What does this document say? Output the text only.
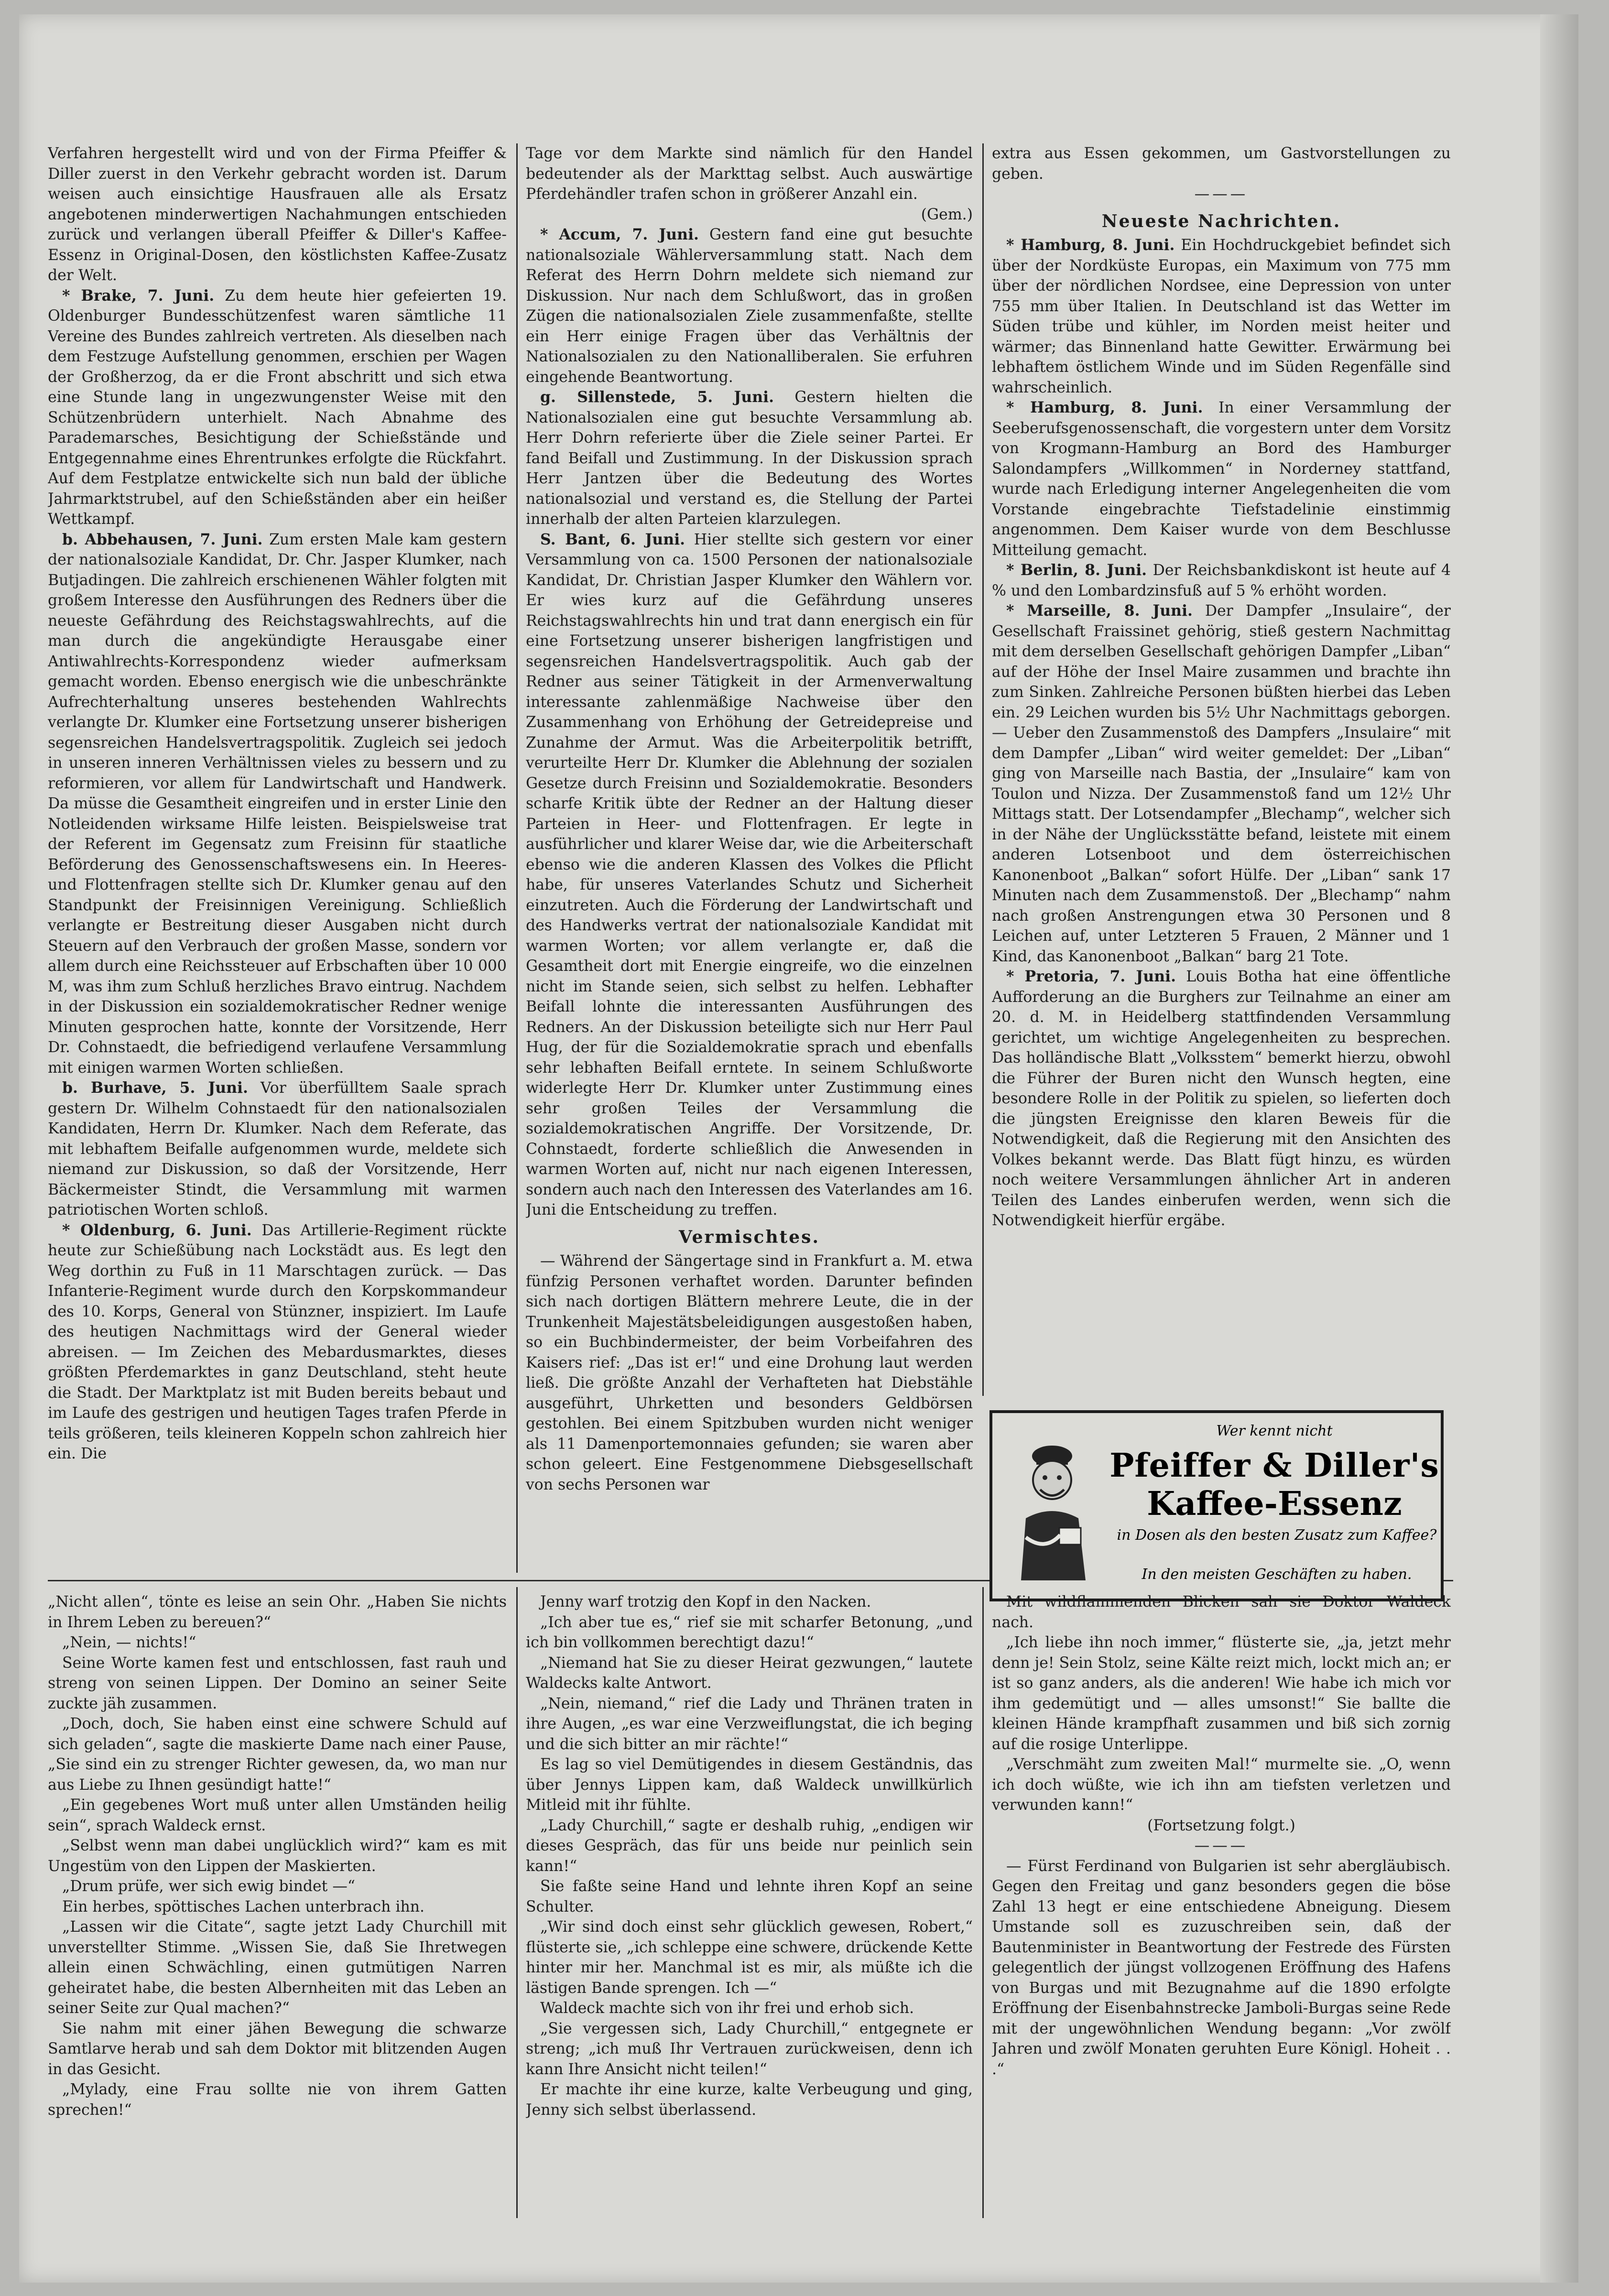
Verfahren hergestellt wird und von der Firma Pfeiffer & Diller zuerst in den Verkehr gebracht worden ist. Darum weisen auch einsichtige Hausfrauen alle als Ersatz angebotenen minderwertigen Nachahmungen entschieden zurück und verlangen überall Pfeiffer & Diller's Kaffee-Essenz in Original-Dosen, den köstlichsten Kaffee-Zusatz der Welt.

* Brake, 7. Juni. Zu dem heute hier gefeierten 19. Oldenburger Bundesschützenfest waren sämtliche 11 Vereine des Bundes zahlreich vertreten. Als dieselben nach dem Festzuge Aufstellung genommen, erschien per Wagen der Großherzog, da er die Front abschritt und sich etwa eine Stunde lang in ungezwungenster Weise mit den Schützenbrüdern unterhielt. Nach Abnahme des Parademarsches, Besichtigung der Schießstände und Entgegennahme eines Ehrentrunkes erfolgte die Rückfahrt. Auf dem Festplatze entwickelte sich nun bald der übliche Jahrmarktstrubel, auf den Schießständen aber ein heißer Wettkampf.

b. Abbehausen, 7. Juni. Zum ersten Male kam gestern der nationalsoziale Kandidat, Dr. Chr. Jasper Klumker, nach Butjadingen. Die zahlreich erschienenen Wähler folgten mit großem Interesse den Ausführungen des Redners über die neueste Gefährdung des Reichstagswahlrechts, auf die man durch die angekündigte Herausgabe einer Antiwahlrechts-Korrespondenz wieder aufmerksam gemacht worden. Ebenso energisch wie die unbeschränkte Aufrechterhaltung unseres bestehenden Wahlrechts verlangte Dr. Klumker eine Fortsetzung unserer bisherigen segensreichen Handelsvertragspolitik. Zugleich sei jedoch in unseren inneren Verhältnissen vieles zu bessern und zu reformieren, vor allem für Landwirtschaft und Handwerk. Da müsse die Gesamtheit eingreifen und in erster Linie den Notleidenden wirksame Hilfe leisten. Beispielsweise trat der Referent im Gegensatz zum Freisinn für staatliche Beförderung des Genossenschaftswesens ein. In Heeres- und Flottenfragen stellte sich Dr. Klumker genau auf den Standpunkt der Freisinnigen Vereinigung. Schließlich verlangte er Bestreitung dieser Ausgaben nicht durch Steuern auf den Verbrauch der großen Masse, sondern vor allem durch eine Reichssteuer auf Erbschaften über 10 000 M, was ihm zum Schluß herzliches Bravo eintrug. Nachdem in der Diskussion ein sozialdemokratischer Redner wenige Minuten gesprochen hatte, konnte der Vorsitzende, Herr Dr. Cohnstaedt, die befriedigend verlaufene Versammlung mit einigen warmen Worten schließen.

b. Burhave, 5. Juni. Vor überfülltem Saale sprach gestern Dr. Wilhelm Cohnstaedt für den nationalsozialen Kandidaten, Herrn Dr. Klumker. Nach dem Referate, das mit lebhaftem Beifalle aufgenommen wurde, meldete sich niemand zur Diskussion, so daß der Vorsitzende, Herr Bäckermeister Stindt, die Versammlung mit warmen patriotischen Worten schloß.

* Oldenburg, 6. Juni. Das Artillerie-Regiment rückte heute zur Schießübung nach Lockstädt aus. Es legt den Weg dorthin zu Fuß in 11 Marschtagen zurück. — Das Infanterie-Regiment wurde durch den Korpskommandeur des 10. Korps, General von Stünzner, inspiziert. Im Laufe des heutigen Nachmittags wird der General wieder abreisen. — Im Zeichen des Mebardusmarktes, dieses größten Pferdemarktes in ganz Deutschland, steht heute die Stadt. Der Marktplatz ist mit Buden bereits bebaut und im Laufe des gestrigen und heutigen Tages trafen Pferde in teils größeren, teils kleineren Koppeln schon zahlreich hier ein. Die

Tage vor dem Markte sind nämlich für den Handel bedeutender als der Markttag selbst. Auch auswärtige Pferdehändler trafen schon in größerer Anzahl ein.

(Gem.)

* Accum, 7. Juni. Gestern fand eine gut besuchte nationalsoziale Wählerversammlung statt. Nach dem Referat des Herrn Dohrn meldete sich niemand zur Diskussion. Nur nach dem Schlußwort, das in großen Zügen die nationalsozialen Ziele zusammenfaßte, stellte ein Herr einige Fragen über das Verhältnis der Nationalsozialen zu den Nationalliberalen. Sie erfuhren eingehende Beantwortung.

g. Sillenstede, 5. Juni. Gestern hielten die Nationalsozialen eine gut besuchte Versammlung ab. Herr Dohrn referierte über die Ziele seiner Partei. Er fand Beifall und Zustimmung. In der Diskussion sprach Herr Jantzen über die Bedeutung des Wortes nationalsozial und verstand es, die Stellung der Partei innerhalb der alten Parteien klarzulegen.

S. Bant, 6. Juni. Hier stellte sich gestern vor einer Versammlung von ca. 1500 Personen der nationalsoziale Kandidat, Dr. Christian Jasper Klumker den Wählern vor. Er wies kurz auf die Gefährdung unseres Reichstagswahlrechts hin und trat dann energisch ein für eine Fortsetzung unserer bisherigen langfristigen und segensreichen Handelsvertragspolitik. Auch gab der Redner aus seiner Tätigkeit in der Armenverwaltung interessante zahlenmäßige Nachweise über den Zusammenhang von Erhöhung der Getreidepreise und Zunahme der Armut. Was die Arbeiterpolitik betrifft, verurteilte Herr Dr. Klumker die Ablehnung der sozialen Gesetze durch Freisinn und Sozialdemokratie. Besonders scharfe Kritik übte der Redner an der Haltung dieser Parteien in Heer- und Flottenfragen. Er legte in ausführlicher und klarer Weise dar, wie die Arbeiterschaft ebenso wie die anderen Klassen des Volkes die Pflicht habe, für unseres Vaterlandes Schutz und Sicherheit einzutreten. Auch die Förderung der Landwirtschaft und des Handwerks vertrat der nationalsoziale Kandidat mit warmen Worten; vor allem verlangte er, daß die Gesamtheit dort mit Energie eingreife, wo die einzelnen nicht im Stande seien, sich selbst zu helfen. Lebhafter Beifall lohnte die interessanten Ausführungen des Redners. An der Diskussion beteiligte sich nur Herr Paul Hug, der für die Sozialdemokratie sprach und ebenfalls sehr lebhaften Beifall erntete. In seinem Schlußworte widerlegte Herr Dr. Klumker unter Zustimmung eines sehr großen Teiles der Versammlung die sozialdemokratischen Angriffe. Der Vorsitzende, Dr. Cohnstaedt, forderte schließlich die Anwesenden in warmen Worten auf, nicht nur nach eigenen Interessen, sondern auch nach den Interessen des Vaterlandes am 16. Juni die Entscheidung zu treffen.

Vermischtes.

— Während der Sängertage sind in Frankfurt a. M. etwa fünfzig Personen verhaftet worden. Darunter befinden sich nach dortigen Blättern mehrere Leute, die in der Trunkenheit Majestätsbeleidigungen ausgestoßen haben, so ein Buchbindermeister, der beim Vorbeifahren des Kaisers rief: „Das ist er!“ und eine Drohung laut werden ließ. Die größte Anzahl der Verhafteten hat Diebstähle ausgeführt, Uhrketten und besonders Geldbörsen gestohlen. Bei einem Spitzbuben wurden nicht weniger als 11 Damenportemonnaies gefunden; sie waren aber schon geleert. Eine Festgenommene Diebsgesellschaft von sechs Personen war

extra aus Essen gekommen, um Gastvorstellungen zu geben.

———

Neueste Nachrichten.

* Hamburg, 8. Juni. Ein Hochdruckgebiet befindet sich über der Nordküste Europas, ein Maximum von 775 mm über der nördlichen Nordsee, eine Depression von unter 755 mm über Italien. In Deutschland ist das Wetter im Süden trübe und kühler, im Norden meist heiter und wärmer; das Binnenland hatte Gewitter. Erwärmung bei lebhaftem östlichem Winde und im Süden Regenfälle sind wahrscheinlich.

* Hamburg, 8. Juni. In einer Versammlung der Seeberufsgenossenschaft, die vorgestern unter dem Vorsitz von Krogmann-Hamburg an Bord des Hamburger Salondampfers „Willkommen“ in Norderney stattfand, wurde nach Erledigung interner Angelegenheiten die vom Vorstande eingebrachte Tiefstadelinie einstimmig angenommen. Dem Kaiser wurde von dem Beschlusse Mitteilung gemacht.

* Berlin, 8. Juni. Der Reichsbankdiskont ist heute auf 4 % und den Lombardzinsfuß auf 5 % erhöht worden.

* Marseille, 8. Juni. Der Dampfer „Insulaire“, der Gesellschaft Fraissinet gehörig, stieß gestern Nachmittag mit dem derselben Gesellschaft gehörigen Dampfer „Liban“ auf der Höhe der Insel Maire zusammen und brachte ihn zum Sinken. Zahlreiche Personen büßten hierbei das Leben ein. 29 Leichen wurden bis 5½ Uhr Nachmittags geborgen. — Ueber den Zusammenstoß des Dampfers „Insulaire“ mit dem Dampfer „Liban“ wird weiter gemeldet: Der „Liban“ ging von Marseille nach Bastia, der „Insulaire“ kam von Toulon und Nizza. Der Zusammenstoß fand um 12½ Uhr Mittags statt. Der Lotsendampfer „Blechamp“, welcher sich in der Nähe der Unglücksstätte befand, leistete mit einem anderen Lotsenboot und dem österreichischen Kanonenboot „Balkan“ sofort Hülfe. Der „Liban“ sank 17 Minuten nach dem Zusammenstoß. Der „Blechamp“ nahm nach großen Anstrengungen etwa 30 Personen und 8 Leichen auf, unter Letzteren 5 Frauen, 2 Männer und 1 Kind, das Kanonenboot „Balkan“ barg 21 Tote.

* Pretoria, 7. Juni. Louis Botha hat eine öffentliche Aufforderung an die Burghers zur Teilnahme an einer am 20. d. M. in Heidelberg stattfindenden Versammlung gerichtet, um wichtige Angelegenheiten zu besprechen. Das holländische Blatt „Volksstem“ bemerkt hierzu, obwohl die Führer der Buren nicht den Wunsch hegten, eine besondere Rolle in der Politik zu spielen, so lieferten doch die jüngsten Ereignisse den klaren Beweis für die Notwendigkeit, daß die Regierung mit den Ansichten des Volkes bekannt werde. Das Blatt fügt hinzu, es würden noch weitere Versammlungen ähnlicher Art in anderen Teilen des Landes einberufen werden, wenn sich die Notwendigkeit hierfür ergäbe.

Wer kennt nicht
Pfeiffer & Diller's
Kaffee-Essenz
in Dosen als den besten Zusatz zum Kaffee?
In den meisten Geschäften zu haben.

„Nicht allen“, tönte es leise an sein Ohr. „Haben Sie nichts in Ihrem Leben zu bereuen?“

„Nein, — nichts!“

Seine Worte kamen fest und entschlossen, fast rauh und streng von seinen Lippen. Der Domino an seiner Seite zuckte jäh zusammen.

„Doch, doch, Sie haben einst eine schwere Schuld auf sich geladen“, sagte die maskierte Dame nach einer Pause, „Sie sind ein zu strenger Richter gewesen, da, wo man nur aus Liebe zu Ihnen gesündigt hatte!“

„Ein gegebenes Wort muß unter allen Umständen heilig sein“, sprach Waldeck ernst.

„Selbst wenn man dabei unglücklich wird?“ kam es mit Ungestüm von den Lippen der Maskierten.

„Drum prüfe, wer sich ewig bindet —“

Ein herbes, spöttisches Lachen unterbrach ihn.

„Lassen wir die Citate“, sagte jetzt Lady Churchill mit unverstellter Stimme. „Wissen Sie, daß Sie Ihretwegen allein einen Schwächling, einen gutmütigen Narren geheiratet habe, die besten Albernheiten mit das Leben an seiner Seite zur Qual machen?“

Sie nahm mit einer jähen Bewegung die schwarze Samtlarve herab und sah dem Doktor mit blitzenden Augen in das Gesicht.

„Mylady, eine Frau sollte nie von ihrem Gatten sprechen!“

Jenny warf trotzig den Kopf in den Nacken.

„Ich aber tue es,“ rief sie mit scharfer Betonung, „und ich bin vollkommen berechtigt dazu!“

„Niemand hat Sie zu dieser Heirat gezwungen,“ lautete Waldecks kalte Antwort.

„Nein, niemand,“ rief die Lady und Thränen traten in ihre Augen, „es war eine Verzweiflungstat, die ich beging und die sich bitter an mir rächte!“

Es lag so viel Demütigendes in diesem Geständnis, das über Jennys Lippen kam, daß Waldeck unwillkürlich Mitleid mit ihr fühlte.

„Lady Churchill,“ sagte er deshalb ruhig, „endigen wir dieses Gespräch, das für uns beide nur peinlich sein kann!“

Sie faßte seine Hand und lehnte ihren Kopf an seine Schulter.

„Wir sind doch einst sehr glücklich gewesen, Robert,“ flüsterte sie, „ich schleppe eine schwere, drückende Kette hinter mir her. Manchmal ist es mir, als müßte ich die lästigen Bande sprengen. Ich —“

Waldeck machte sich von ihr frei und erhob sich.

„Sie vergessen sich, Lady Churchill,“ entgegnete er streng; „ich muß Ihr Vertrauen zurückweisen, denn ich kann Ihre Ansicht nicht teilen!“

Er machte ihr eine kurze, kalte Verbeugung und ging, Jenny sich selbst überlassend.

Mit wildflammenden Blicken sah sie Doktor Waldeck nach.

„Ich liebe ihn noch immer,“ flüsterte sie, „ja, jetzt mehr denn je! Sein Stolz, seine Kälte reizt mich, lockt mich an; er ist so ganz anders, als die anderen! Wie habe ich mich vor ihm gedemütigt und — alles umsonst!“ Sie ballte die kleinen Hände krampfhaft zusammen und biß sich zornig auf die rosige Unterlippe.

„Verschmäht zum zweiten Mal!“ murmelte sie. „O, wenn ich doch wüßte, wie ich ihn am tiefsten verletzen und verwunden kann!“

(Fortsetzung folgt.)

———

— Fürst Ferdinand von Bulgarien ist sehr abergläubisch. Gegen den Freitag und ganz besonders gegen die böse Zahl 13 hegt er eine entschiedene Abneigung. Diesem Umstande soll es zuzuschreiben sein, daß der Bautenminister in Beantwortung der Festrede des Fürsten gelegentlich der jüngst vollzogenen Eröffnung des Hafens von Burgas und mit Bezugnahme auf die 1890 erfolgte Eröffnung der Eisenbahnstrecke Jamboli-Burgas seine Rede mit der ungewöhnlichen Wendung begann: „Vor zwölf Jahren und zwölf Monaten geruhten Eure Königl. Hoheit . . .“
